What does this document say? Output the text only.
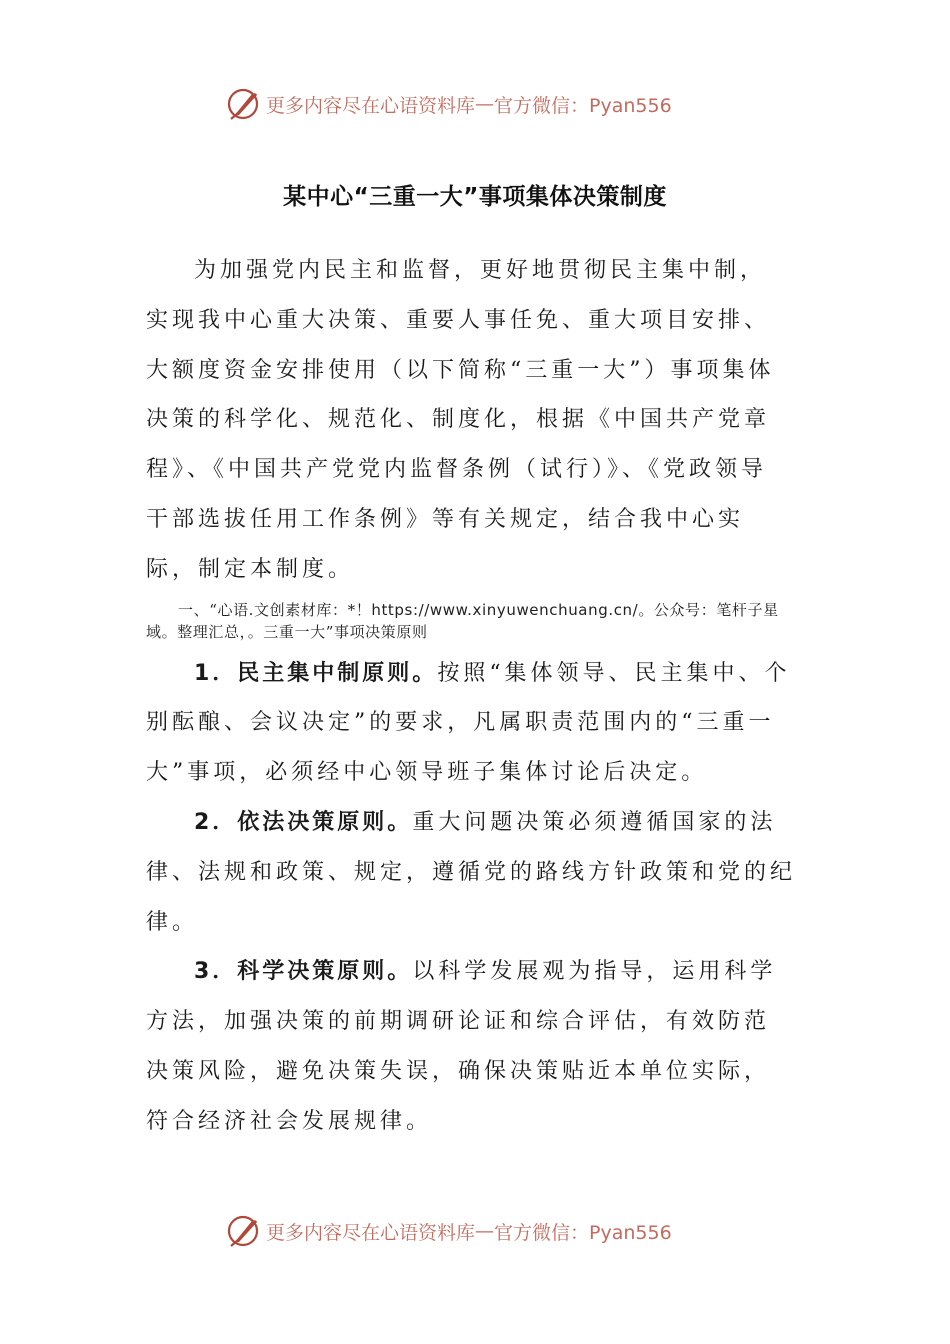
更多内容尽在心语资料库 — 官方微信：Pyan556
某中心“三重一大”事项集体决策制度

为加强党内民主和监督，更好地贯彻民主集中制，实现我中心重大决策、重要人事任免、重大项目安排、大额度资金安排使用（以下简称“三重一大”）事项集体决策的科学化、规范化、制度化，根据《中国共产党章程》、《中国共产党党内监督条例（试行）》、《党政领导干部选拔任用工作条例》等有关规定，结合我中心实际，制定本制度。

一、“心语.文创素材库：*！https://www.xinyuwenchuang.cn/。公众号：笔杆子星域。整理汇总，。三重一大”事项决策原则

1．民主集中制原则。按照“集体领导、民主集中、个别酝酿、会议决定”的要求，凡属职责范围内的“三重一大”事项，必须经中心领导班子集体讨论后决定。

2．依法决策原则。重大问题决策必须遵循国家的法律、法规和政策、规定，遵循党的路线方针政策和党的纪律。

3．科学决策原则。以科学发展观为指导，运用科学方法，加强决策的前期调研论证和综合评估，有效防范决策风险，避免决策失误，确保决策贴近本单位实际，符合经济社会发展规律。

更多内容尽在心语资料库 — 官方微信：Pyan556
